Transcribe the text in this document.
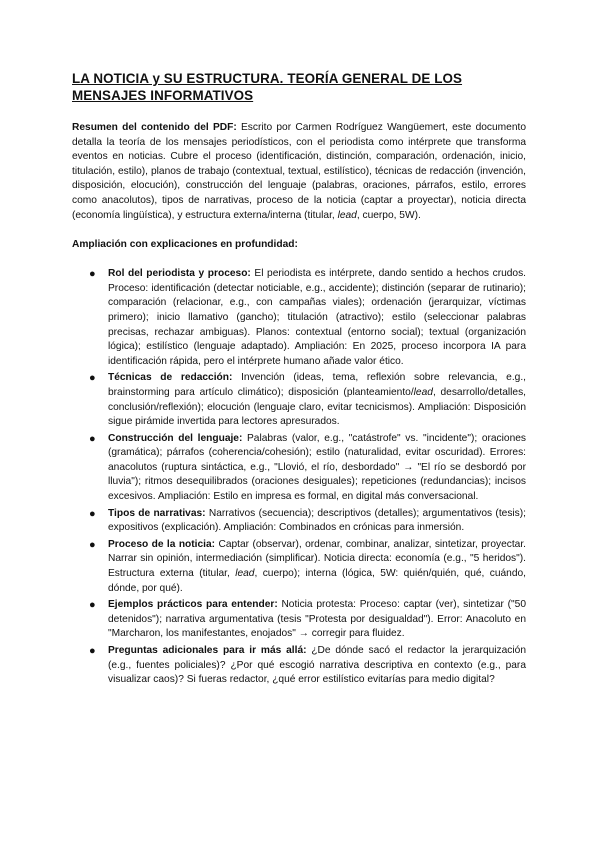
LA NOTICIA y SU ESTRUCTURA. TEORÍA GENERAL DE LOS MENSAJES INFORMATIVOS

Resumen del contenido del PDF: Escrito por Carmen Rodríguez Wangüemert, este documento detalla la teoría de los mensajes periodísticos, con el periodista como intérprete que transforma eventos en noticias. Cubre el proceso (identificación, distinción, comparación, ordenación, inicio, titulación, estilo), planos de trabajo (contextual, textual, estilístico), técnicas de redacción (invención, disposición, elocución), construcción del lenguaje (palabras, oraciones, párrafos, estilo, errores como anacolutos), tipos de narrativas, proceso de la noticia (captar a proyectar), noticia directa (economía lingüística), y estructura externa/interna (titular, lead, cuerpo, 5W).

Ampliación con explicaciones en profundidad:

● Rol del periodista y proceso: El periodista es intérprete, dando sentido a hechos crudos. Proceso: identificación (detectar noticiable, e.g., accidente); distinción (separar de rutinario); comparación (relacionar, e.g., con campañas viales); ordenación (jerarquizar, víctimas primero); inicio llamativo (gancho); titulación (atractivo); estilo (seleccionar palabras precisas, rechazar ambiguas). Planos: contextual (entorno social); textual (organización lógica); estilístico (lenguaje adaptado). Ampliación: En 2025, proceso incorpora IA para identificación rápida, pero el intérprete humano añade valor ético.
● Técnicas de redacción: Invención (ideas, tema, reflexión sobre relevancia, e.g., brainstorming para artículo climático); disposición (planteamiento/lead, desarrollo/detalles, conclusión/reflexión); elocución (lenguaje claro, evitar tecnicismos). Ampliación: Disposición sigue pirámide invertida para lectores apresurados.
● Construcción del lenguaje: Palabras (valor, e.g., "catástrofe" vs. "incidente"); oraciones (gramática); párrafos (coherencia/cohesión); estilo (naturalidad, evitar oscuridad). Errores: anacolutos (ruptura sintáctica, e.g., "Llovió, el río, desbordado" → "El río se desbordó por lluvia"); ritmos desequilibrados (oraciones desiguales); repeticiones (redundancias); incisos excesivos. Ampliación: Estilo en impresa es formal, en digital más conversacional.
● Tipos de narrativas: Narrativos (secuencia); descriptivos (detalles); argumentativos (tesis); expositivos (explicación). Ampliación: Combinados en crónicas para inmersión.
● Proceso de la noticia: Captar (observar), ordenar, combinar, analizar, sintetizar, proyectar. Narrar sin opinión, intermediación (simplificar). Noticia directa: economía (e.g., "5 heridos"). Estructura externa (titular, lead, cuerpo); interna (lógica, 5W: quién/quién, qué, cuándo, dónde, por qué).
● Ejemplos prácticos para entender: Noticia protesta: Proceso: captar (ver), sintetizar ("50 detenidos"); narrativa argumentativa (tesis "Protesta por desigualdad"). Error: Anacoluto en "Marcharon, los manifestantes, enojados" → corregir para fluidez.
● Preguntas adicionales para ir más allá: ¿De dónde sacó el redactor la jerarquización (e.g., fuentes policiales)? ¿Por qué escogió narrativa descriptiva en contexto (e.g., para visualizar caos)? Si fueras redactor, ¿qué error estilístico evitarías para medio digital?
